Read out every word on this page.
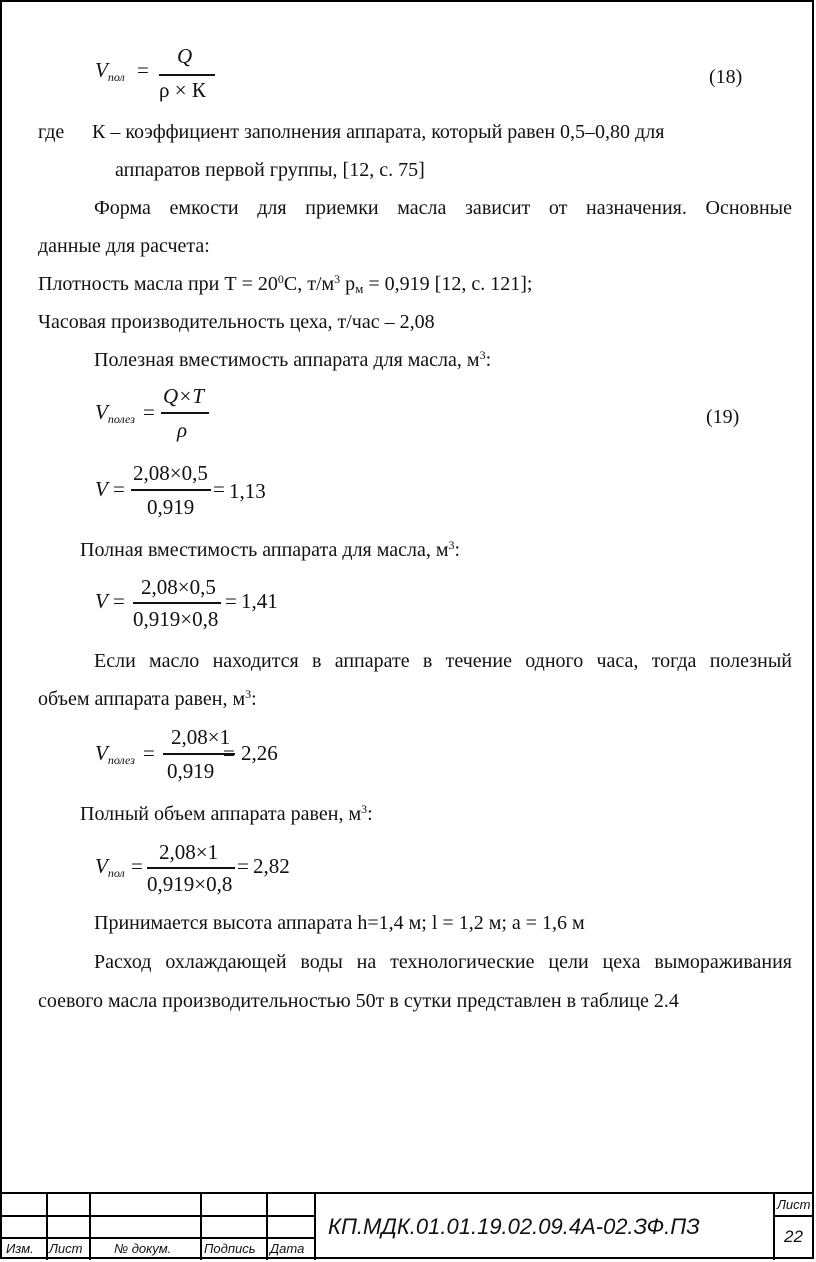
$V_{пол}$ =
Q
ρ × К
(18)
где К – коэффициент заполнения аппарата, который равен 0,5–0,80 для
аппаратов первой группы, [12, с. 75]
Форма емкости для приемки масла зависит от назначения. Основные
данные для расчета:
Плотность масла при $Т = 20^0С$, $т/м^3$ рм = 0,919 [12, с. 121];
Часовая производительность цеха, т/час – 2,08
Полезная вместимость аппарата для масла, $м^3$:
$V_{полез}$ =
Q×T
ρ
(19)
V =
2,08×0,5
0,919
= 1,13
Полная вместимость аппарата для масла, $м^3$:
V =
2,08×0,5
0,919×0,8
= 1,41
Если масло находится в аппарате в течение одного часа, тогда полезный
объем аппарата равен, $м^3$:
$V_{полез}$ =
2,08×1
0,919
= 2,26
Полный объем аппарата равен, $м^3$:
$V_{пол}$ =
2,08×1
0,919×0,8
= 2,82
Принимается высота аппарата h=1,4 м; l = 1,2 м; а = 1,6 м
Расход охлаждающей воды на технологические цели цеха вымораживания
соевого масла производительностью 50т в сутки представлен в таблице 2.4
Изм. Лист № докум.	Подпись Дата
КП.МДК.01.01.19.02.09.4А-02.ЗФ.ПЗ
Лист
22
